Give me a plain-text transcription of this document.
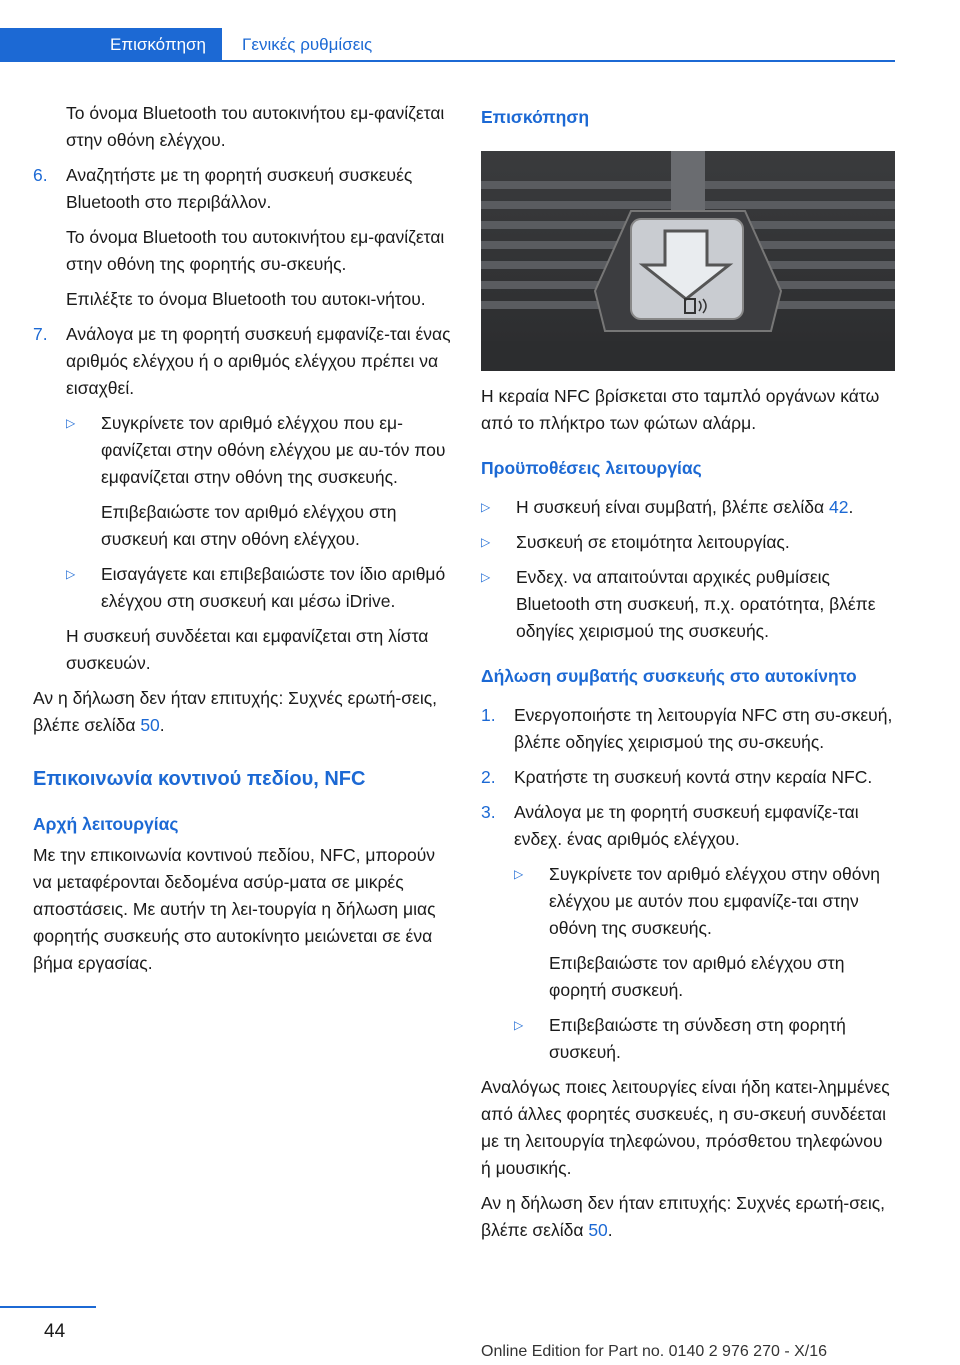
Επισκόπηση Γενικές ρυθμίσεις

Το όνομα Bluetooth του αυτοκινήτου εμ‐φανίζεται στην οθόνη ελέγχου.

6.	Αναζητήστε με τη φορητή συσκευή συσκευές Bluetooth στο περιβάλλον.

Το όνομα Bluetooth του αυτοκινήτου εμ‐φανίζεται στην οθόνη της φορητής συ‐σκευής.

Επιλέξτε το όνομα Bluetooth του αυτοκι‐νήτου.

7.	Ανάλογα με τη φορητή συσκευή εμφανίζε‐ται ένας αριθμός ελέγχου ή ο αριθμός ελέγχου πρέπει να εισαχθεί.
▷	Συγκρίνετε τον αριθμό ελέγχου που εμ‐φανίζεται στην οθόνη ελέγχου με αυ‐τόν που εμφανίζεται στην οθόνη της συσκευής.

Επιβεβαιώστε τον αριθμό ελέγχου στη συσκευή και στην οθόνη ελέγχου.

▷	Εισαγάγετε και επιβεβαιώστε τον ίδιο αριθμό ελέγχου στη συσκευή και μέσω iDrive.

Η συσκευή συνδέεται και εμφανίζεται στη λίστα συσκευών.

Αν η δήλωση δεν ήταν επιτυχής: Συχνές ερωτή‐σεις, βλέπε σελίδα 50.

Επικοινωνία κοντινού πεδίου, NFC
Αρχή λειτουργίας

Με την επικοινωνία κοντινού πεδίου, NFC, μπορούν να μεταφέρονται δεδομένα ασύρ‐ματα σε μικρές αποστάσεις. Με αυτήν τη λει‐τουργία η δήλωση μιας φορητής συσκευής στο αυτοκίνητο μειώνεται σε ένα βήμα εργασίας.

Επισκόπηση

Η κεραία NFC βρίσκεται στο ταμπλό οργάνων κάτω από το πλήκτρο των φώτων αλάρμ.

Προϋποθέσεις λειτουργίας
▷	Η συσκευή είναι συμβατή, βλέπε σελίδα 42.
▷	Συσκευή σε ετοιμότητα λειτουργίας.
▷	Ενδεχ. να απαιτούνται αρχικές ρυθμίσεις Bluetooth στη συσκευή, π.χ. ορατότητα, βλέπε οδηγίες χειρισμού της συσκευής.
Δήλωση συμβατής συσκευής στο αυτοκίνητο
1.	Ενεργοποιήστε τη λειτουργία NFC στη συ‐σκευή, βλέπε οδηγίες χειρισμού της συ‐σκευής.
2.	Κρατήστε τη συσκευή κοντά στην κεραία NFC.
3.	Ανάλογα με τη φορητή συσκευή εμφανίζε‐ται ενδεχ. ένας αριθμός ελέγχου.
▷	Συγκρίνετε τον αριθμό ελέγχου στην οθόνη ελέγχου με αυτόν που εμφανίζε‐ται στην οθόνη της συσκευής.

Επιβεβαιώστε τον αριθμό ελέγχου στη φορητή συσκευή.

▷	Επιβεβαιώστε τη σύνδεση στη φορητή συσκευή.

Αναλόγως ποιες λειτουργίες είναι ήδη κατει‐λημμένες από άλλες φορητές συσκευές, η συ‐σκευή συνδέεται με τη λειτουργία τηλεφώνου, πρόσθετου τηλεφώνου ή μουσικής.

Αν η δήλωση δεν ήταν επιτυχής: Συχνές ερωτή‐σεις, βλέπε σελίδα 50.

44
Online Edition for Part no. 0140 2 976 270 - X/16
